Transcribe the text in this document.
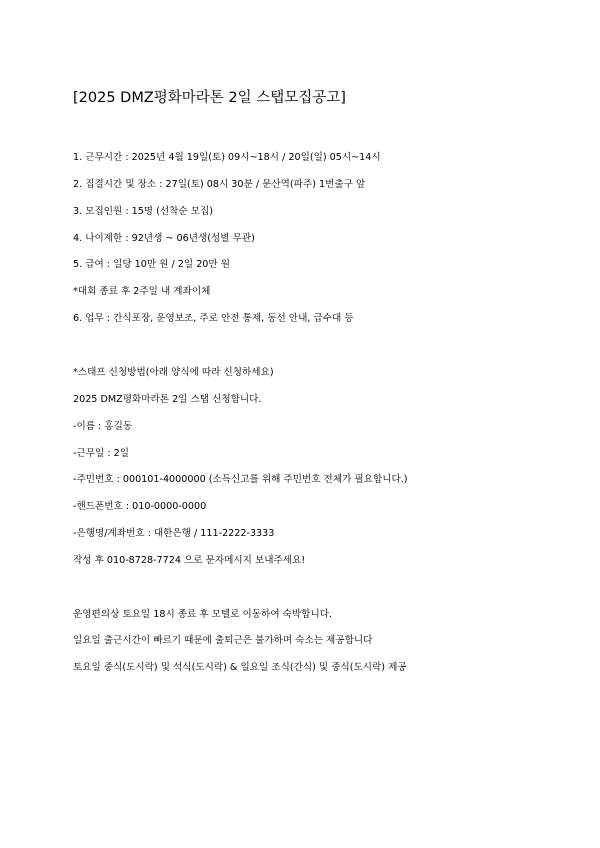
[2025 DMZ평화마라톤 2일 스탭모집공고]
1. 근무시간 : 2025년 4월 19일(토) 09시~18시 / 20일(일) 05시~14시
2. 집결시간 및 장소 : 27일(토) 08시 30분 / 문산역(파주) 1번출구 앞
3. 모집인원 : 15명 (선착순 모집)
4. 나이제한 : 92년생 ~ 06년생(성별 무관)
5. 급여 : 일당 10만 원 / 2일 20만 원
*대회 종료 후 2주일 내 계좌이체
6. 업무 : 간식포장, 운영보조, 주로 안전 통제, 동선 안내, 급수대 등
*스태프 신청방법(아래 양식에 따라 신청하세요)
2025 DMZ평화마라톤 2일 스탭 신청합니다.
-이름 : 홍길동
-근무일 : 2일
-주민번호 : 000101-4000000 (소득신고를 위해 주민번호 전체가 필요합니다.)
-핸드폰번호 : 010-0000-0000
-은행명/계좌번호 : 대한은행 / 111-2222-3333
작성 후 010-8728-7724 으로 문자메시지 보내주세요!
운영편의상 토요일 18시 종료 후 모텔로 이동하여 숙박합니다.
일요일 출근시간이 빠르기 때문에 출퇴근은 불가하며 숙소는 제공합니다
토요일 중식(도시락) 및 석식(도시락) & 일요일 조식(간식) 및 중식(도시락) 제공
